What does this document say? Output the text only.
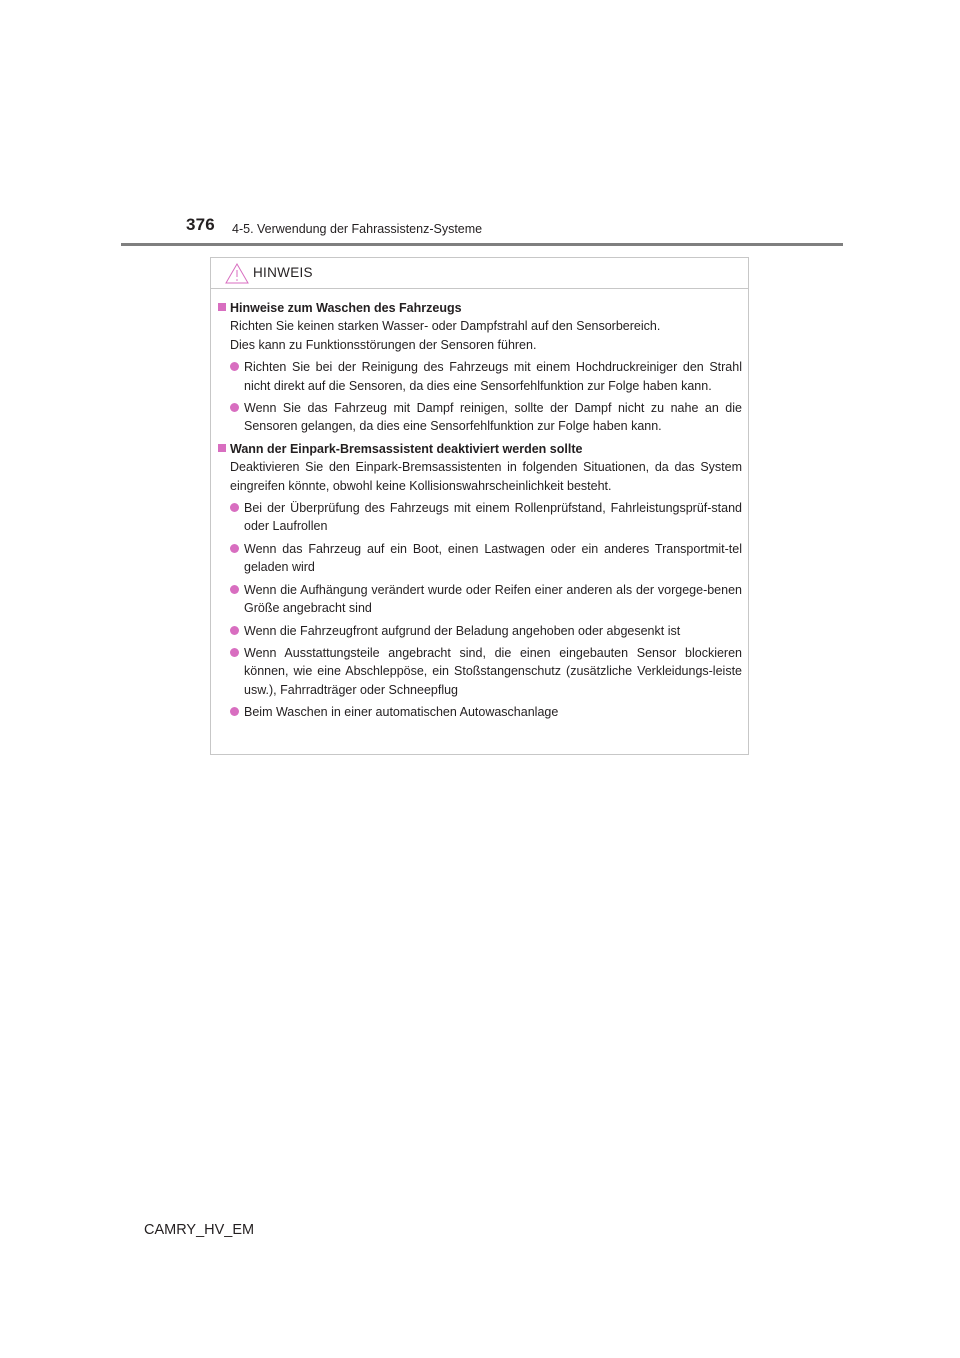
376 4-5. Verwendung der Fahrassistenz-Systeme
HINWEIS
Hinweise zum Waschen des Fahrzeugs
Richten Sie keinen starken Wasser- oder Dampfstrahl auf den Sensorbereich.
Dies kann zu Funktionsstörungen der Sensoren führen.
Richten Sie bei der Reinigung des Fahrzeugs mit einem Hochdruckreiniger den Strahl nicht direkt auf die Sensoren, da dies eine Sensorfehlfunktion zur Folge haben kann.
Wenn Sie das Fahrzeug mit Dampf reinigen, sollte der Dampf nicht zu nahe an die Sensoren gelangen, da dies eine Sensorfehlfunktion zur Folge haben kann.
Wann der Einpark-Bremsassistent deaktiviert werden sollte
Deaktivieren Sie den Einpark-Bremsassistenten in folgenden Situationen, da das System eingreifen könnte, obwohl keine Kollisionswahrscheinlichkeit besteht.
Bei der Überprüfung des Fahrzeugs mit einem Rollenprüfstand, Fahrleistungsprüf-stand oder Laufrollen
Wenn das Fahrzeug auf ein Boot, einen Lastwagen oder ein anderes Transportmit-tel geladen wird
Wenn die Aufhängung verändert wurde oder Reifen einer anderen als der vorgege-benen Größe angebracht sind
Wenn die Fahrzeugfront aufgrund der Beladung angehoben oder abgesenkt ist
Wenn Ausstattungsteile angebracht sind, die einen eingebauten Sensor blockieren können, wie eine Abschleppöse, ein Stoßstangenschutz (zusätzliche Verkleidungs-leiste usw.), Fahrradträger oder Schneepflug
Beim Waschen in einer automatischen Autowaschanlage
CAMRY_HV_EM
